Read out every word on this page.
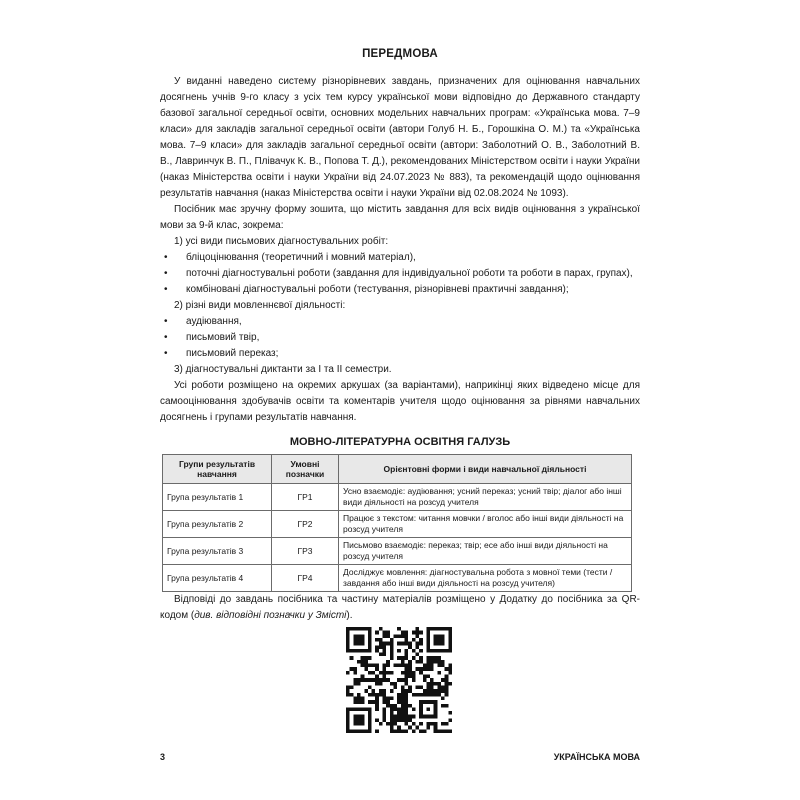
ПЕРЕДМОВА

У виданні наведено систему різнорівневих завдань, призначених для оцінювання навчальних досягнень учнів 9-го класу з усіх тем курсу української мови відповідно до Державного стандарту базової загальної середньої освіти, основних модельних навчальних програм: «Українська мова. 7–9 класи» для закладів загальної середньої освіти (автори Голуб Н. Б., Горошкіна О. М.) та «Українська мова. 7–9 класи» для закладів загальної середньої освіти (автори: Заболотний О. В., Заболотний В. В., Лавринчук В. П., Плівачук К. В., Попова Т. Д.), рекомендованих Міністерством освіти і науки України (наказ Міністерства освіти і науки України від 24.07.2023 № 883), та рекомендацій щодо оцінювання результатів навчання (наказ Міністерства освіти і науки України від 02.08.2024 № 1093).

Посібник має зручну форму зошита, що містить завдання для всіх видів оцінювання з української мови за 9-й клас, зокрема:

1) усі види письмових діагностувальних робіт:
•	бліцоцінювання (теоретичний і мовний матеріал),
•	поточні діагностувальні роботи (завдання для індивідуальної роботи та роботи в парах, групах),
•	комбіновані діагностувальні роботи (тестування, різнорівневі практичні завдання);
2) різні види мовленнєвої діяльності:
•	аудіювання,
•	письмовий твір,
•	письмовий переказ;
3) діагностувальні диктанти за І та ІІ семестри.

Усі роботи розміщено на окремих аркушах (за варіантами), наприкінці яких відведено місце для самооцінювання здобувачів освіти та коментарів учителя щодо оцінювання за рівнями навчальних досягнень і групами результатів навчання.

МОВНО-ЛІТЕРАТУРНА ОСВІТНЯ ГАЛУЗЬ
Групи результатів навчання	Умовні позначки	Орієнтовні форми і види навчальної діяльності
Група результатів 1	ГР1	Усно взаємодіє: аудіювання; усний переказ; усний твір; діалог або інші види діяльності на розсуд учителя
Група результатів 2	ГР2	Працює з текстом: читання мовчки / вголос або інші види діяльності на розсуд учителя
Група результатів 3	ГР3	Письмово взаємодіє: переказ; твір; есе або інші види діяльності на розсуд учителя
Група результатів 4	ГР4	Досліджує мовлення: діагностувальна робота з мовної теми (тести / завдання або інші види діяльності на розсуд учителя)

Відповіді до завдань посібника та частину матеріалів розміщено у Додатку до посібника за QR-кодом (див. відповідні позначки у Змісті).

3	УКРАЇНСЬКА МОВА
